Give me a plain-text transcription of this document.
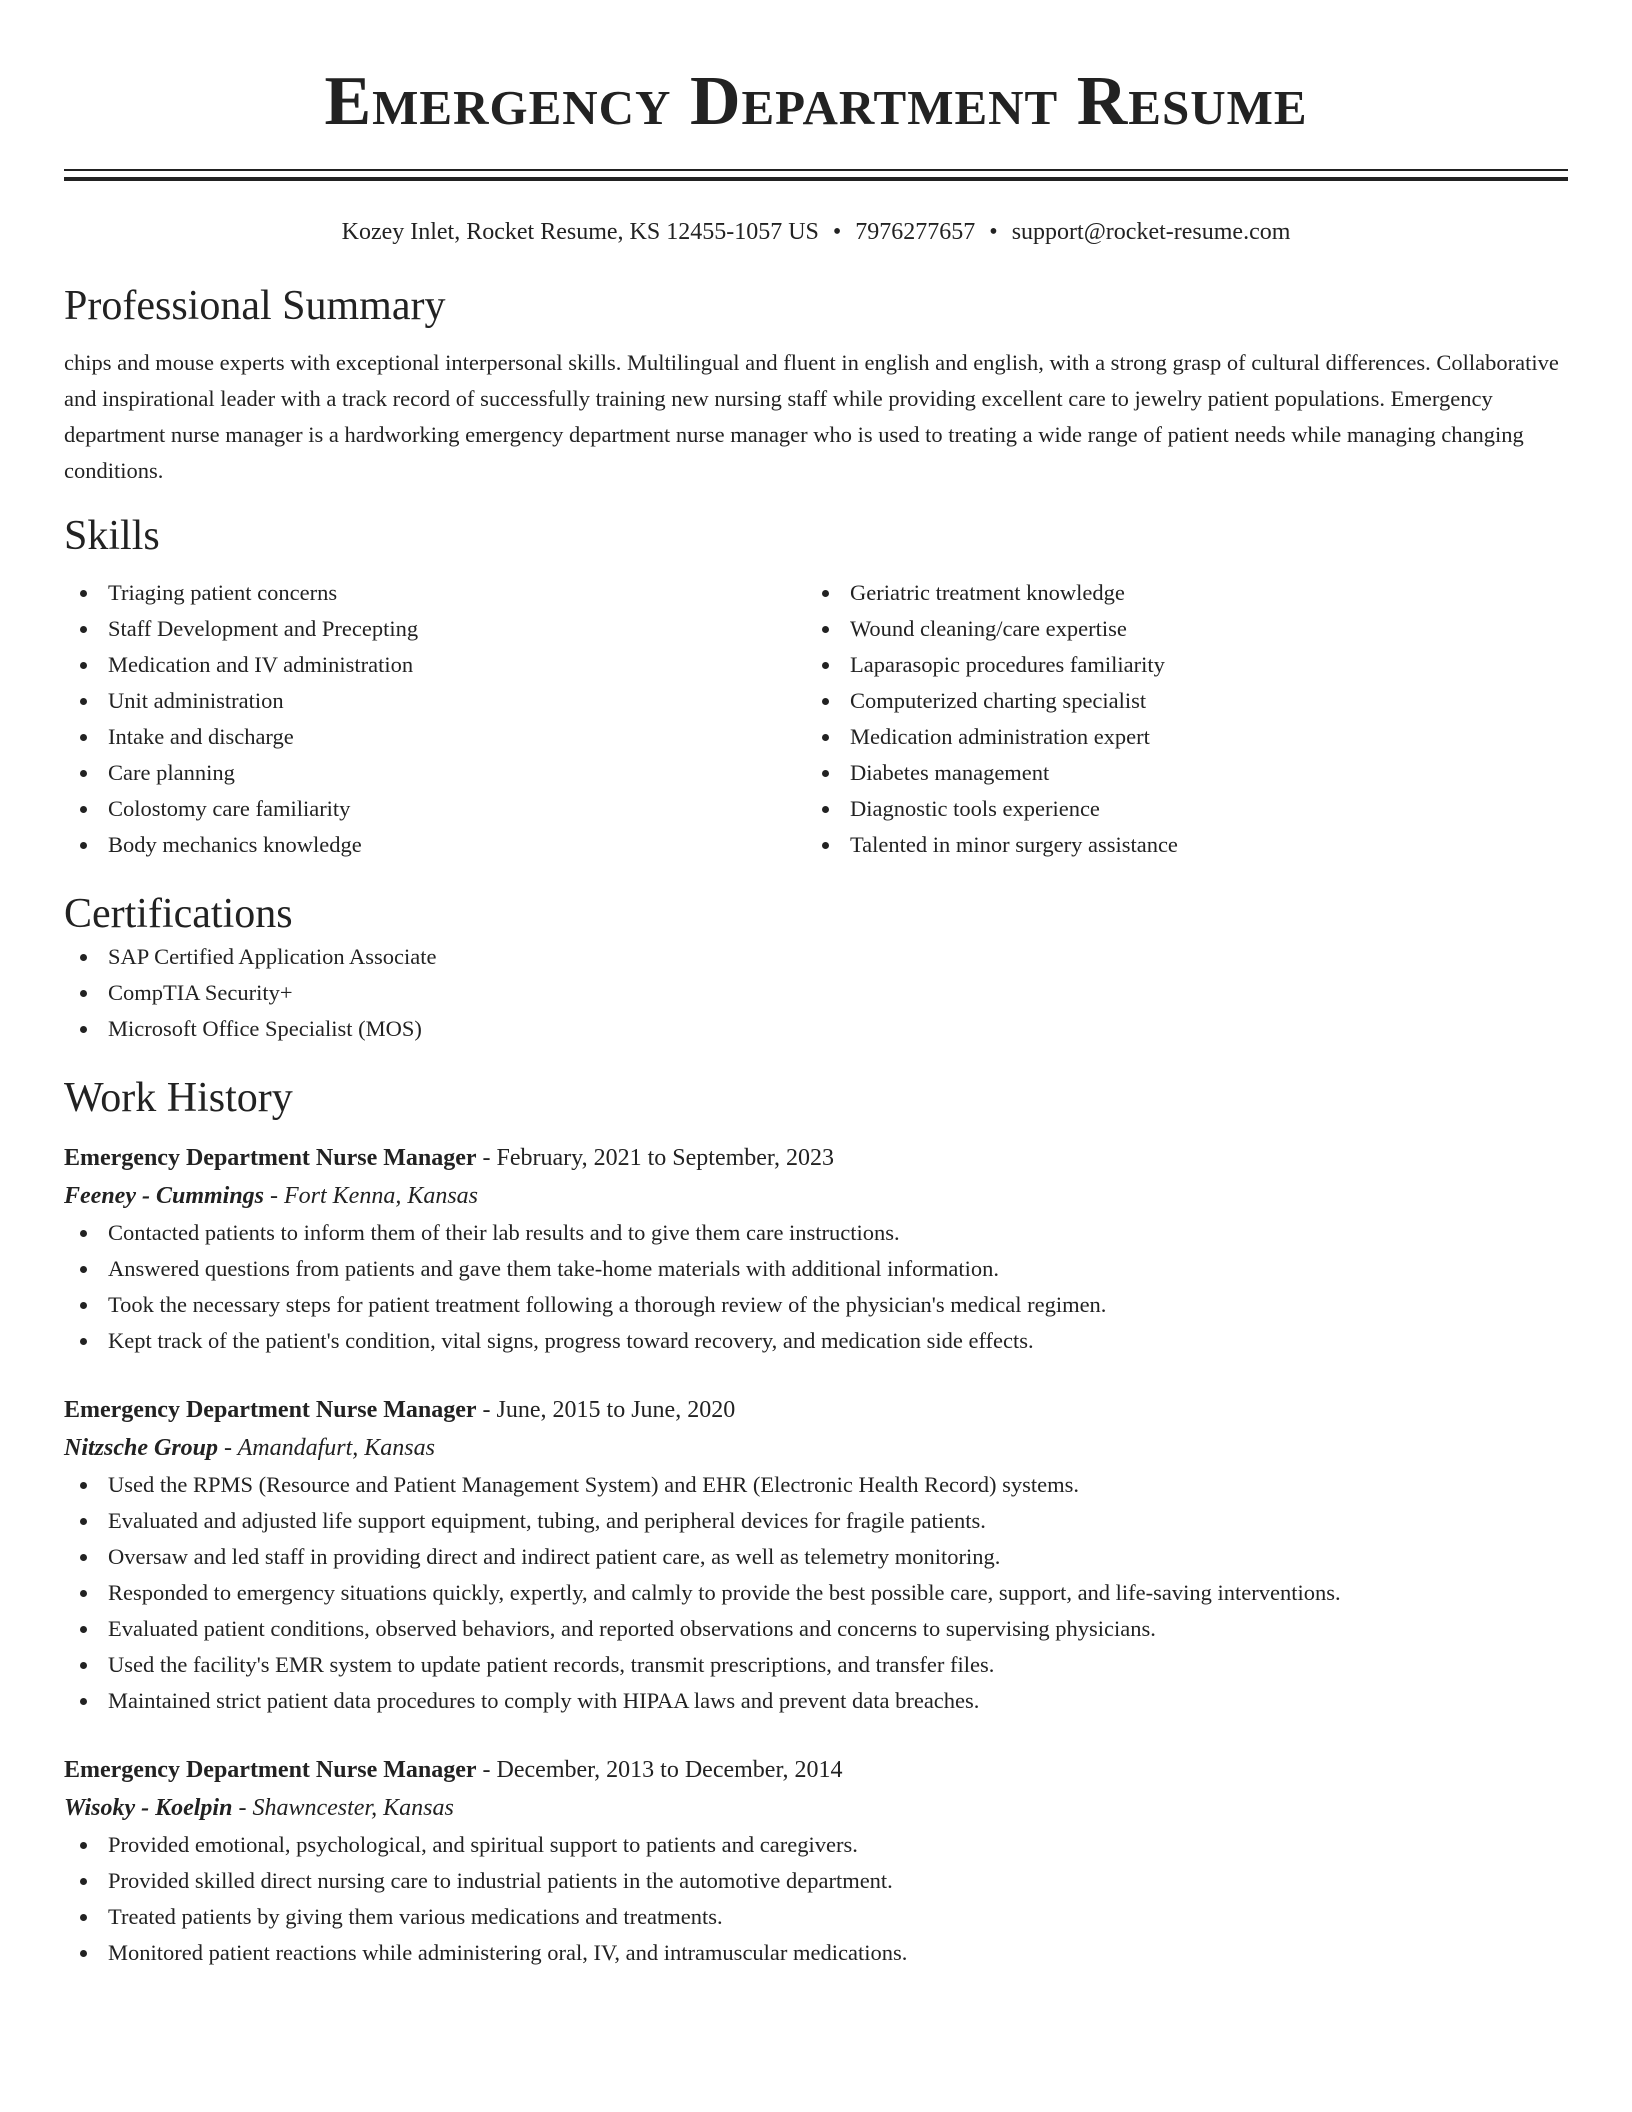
Emergency Department Resume
Kozey Inlet, Rocket Resume, KS 12455-1057 US • 7976277657 • support@rocket-resume.com
Professional Summary

chips and mouse experts with exceptional interpersonal skills. Multilingual and fluent in english and english, with a strong grasp of cultural differences. Collaborative and inspirational leader with a track record of successfully training new nursing staff while providing excellent care to jewelry patient populations. Emergency department nurse manager is a hardworking emergency department nurse manager who is used to treating a wide range of patient needs while managing changing conditions.

Skills
Triaging patient concerns
Staff Development and Precepting
Medication and IV administration
Unit administration
Intake and discharge
Care planning
Colostomy care familiarity
Body mechanics knowledge
Geriatric treatment knowledge
Wound cleaning/care expertise
Laparasopic procedures familiarity
Computerized charting specialist
Medication administration expert
Diabetes management
Diagnostic tools experience
Talented in minor surgery assistance
Certifications
SAP Certified Application Associate
CompTIA Security+
Microsoft Office Specialist (MOS)
Work History
Emergency Department Nurse Manager - February, 2021 to September, 2023
Feeney - Cummings - Fort Kenna, Kansas
Contacted patients to inform them of their lab results and to give them care instructions.
Answered questions from patients and gave them take-home materials with additional information.
Took the necessary steps for patient treatment following a thorough review of the physician's medical regimen.
Kept track of the patient's condition, vital signs, progress toward recovery, and medication side effects.
Emergency Department Nurse Manager - June, 2015 to June, 2020
Nitzsche Group - Amandafurt, Kansas
Used the RPMS (Resource and Patient Management System) and EHR (Electronic Health Record) systems.
Evaluated and adjusted life support equipment, tubing, and peripheral devices for fragile patients.
Oversaw and led staff in providing direct and indirect patient care, as well as telemetry monitoring.
Responded to emergency situations quickly, expertly, and calmly to provide the best possible care, support, and life-saving interventions.
Evaluated patient conditions, observed behaviors, and reported observations and concerns to supervising physicians.
Used the facility's EMR system to update patient records, transmit prescriptions, and transfer files.
Maintained strict patient data procedures to comply with HIPAA laws and prevent data breaches.
Emergency Department Nurse Manager - December, 2013 to December, 2014
Wisoky - Koelpin - Shawncester, Kansas
Provided emotional, psychological, and spiritual support to patients and caregivers.
Provided skilled direct nursing care to industrial patients in the automotive department.
Treated patients by giving them various medications and treatments.
Monitored patient reactions while administering oral, IV, and intramuscular medications.
